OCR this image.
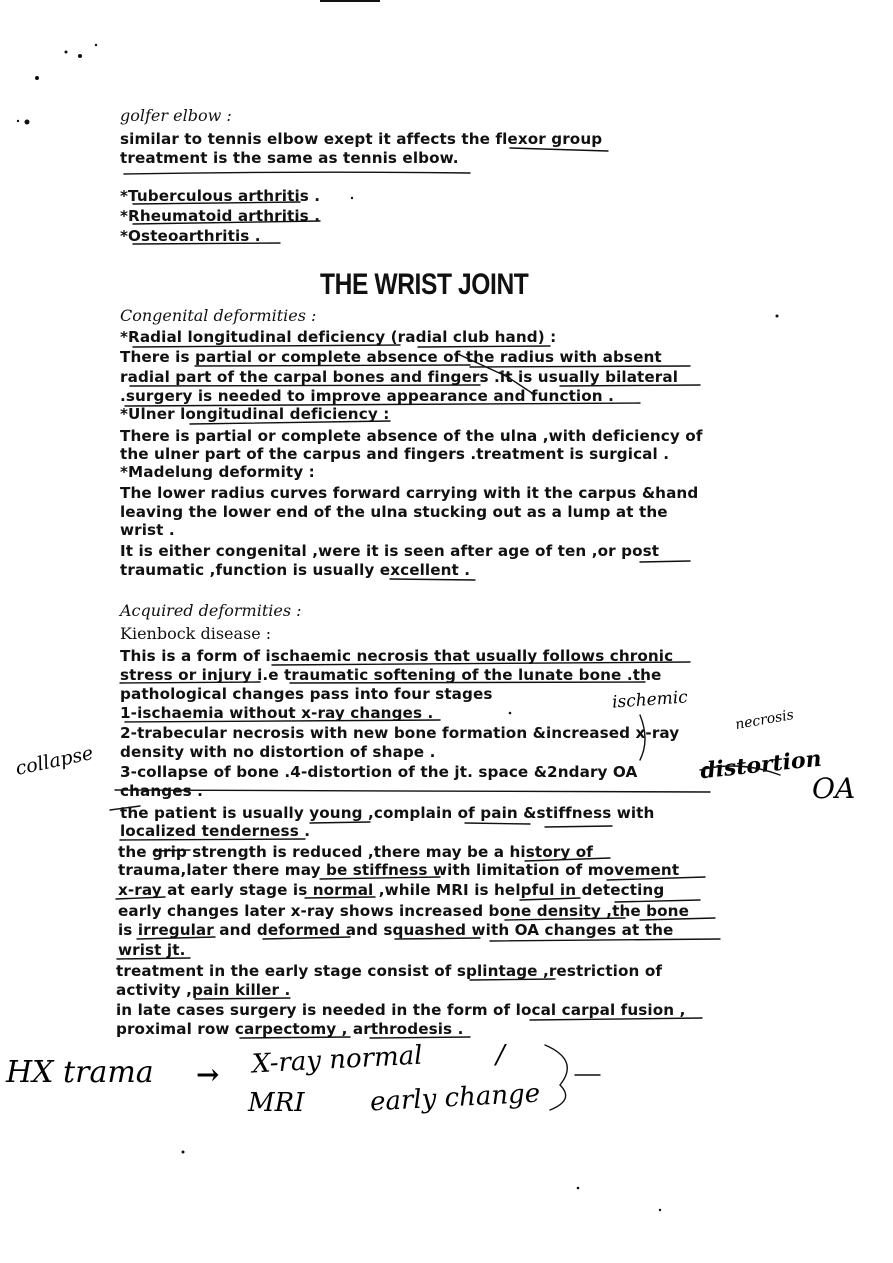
golfer elbow :
similar to tennis elbow exept it affects the flexor group
treatment is the same as tennis elbow.
*Tuberculous arthritis .
*Rheumatoid arthritis .
*Osteoarthritis .
THE WRIST JOINT
Congenital deformities :
*Radial longitudinal deficiency (radial club hand) :
There is partial or complete absence of the radius with absent
radial part of the carpal bones and fingers .it is usually bilateral
.surgery is needed to improve appearance and function .
*Ulner longitudinal deficiency :
There is partial or complete absence of the ulna ,with deficiency of
the ulner part of the carpus and fingers .treatment is surgical .
*Madelung deformity :
The lower radius curves forward carrying with it the carpus &hand
leaving the lower end of the ulna stucking out as a lump at the
wrist .
It is either congenital ,were it is seen after age of ten ,or post
traumatic ,function is usually excellent .
Acquired deformities :
Kienbock disease :
This is a form of ischaemic necrosis that usually follows chronic
stress or injury i.e traumatic softening of the lunate bone .the
pathological changes pass into four stages
1-ischaemia without x-ray changes .
2-trabecular necrosis with new bone formation &increased x-ray
density with no distortion of shape .
3-collapse of bone .4-distortion of the jt. space &2ndary OA
changes .
the patient is usually young ,complain of pain &stiffness with
localized tenderness .
the grip strength is reduced ,there may be a history of
trauma,later there may be stiffness with limitation of movement
x-ray at early stage is normal ,while MRI is helpful in detecting
early changes later x-ray shows increased bone density ,the bone
is irregular and deformed and squashed with OA changes at the
wrist jt.
treatment in the early stage consist of splintage ,restriction of
activity ,pain killer .
in late cases surgery is needed in the form of local carpal fusion ,
proximal row carpectomy , arthrodesis .
ischemic
necrosis
collapse	distortion
OA
HX trama → X-ray normal	/
MRI early change
